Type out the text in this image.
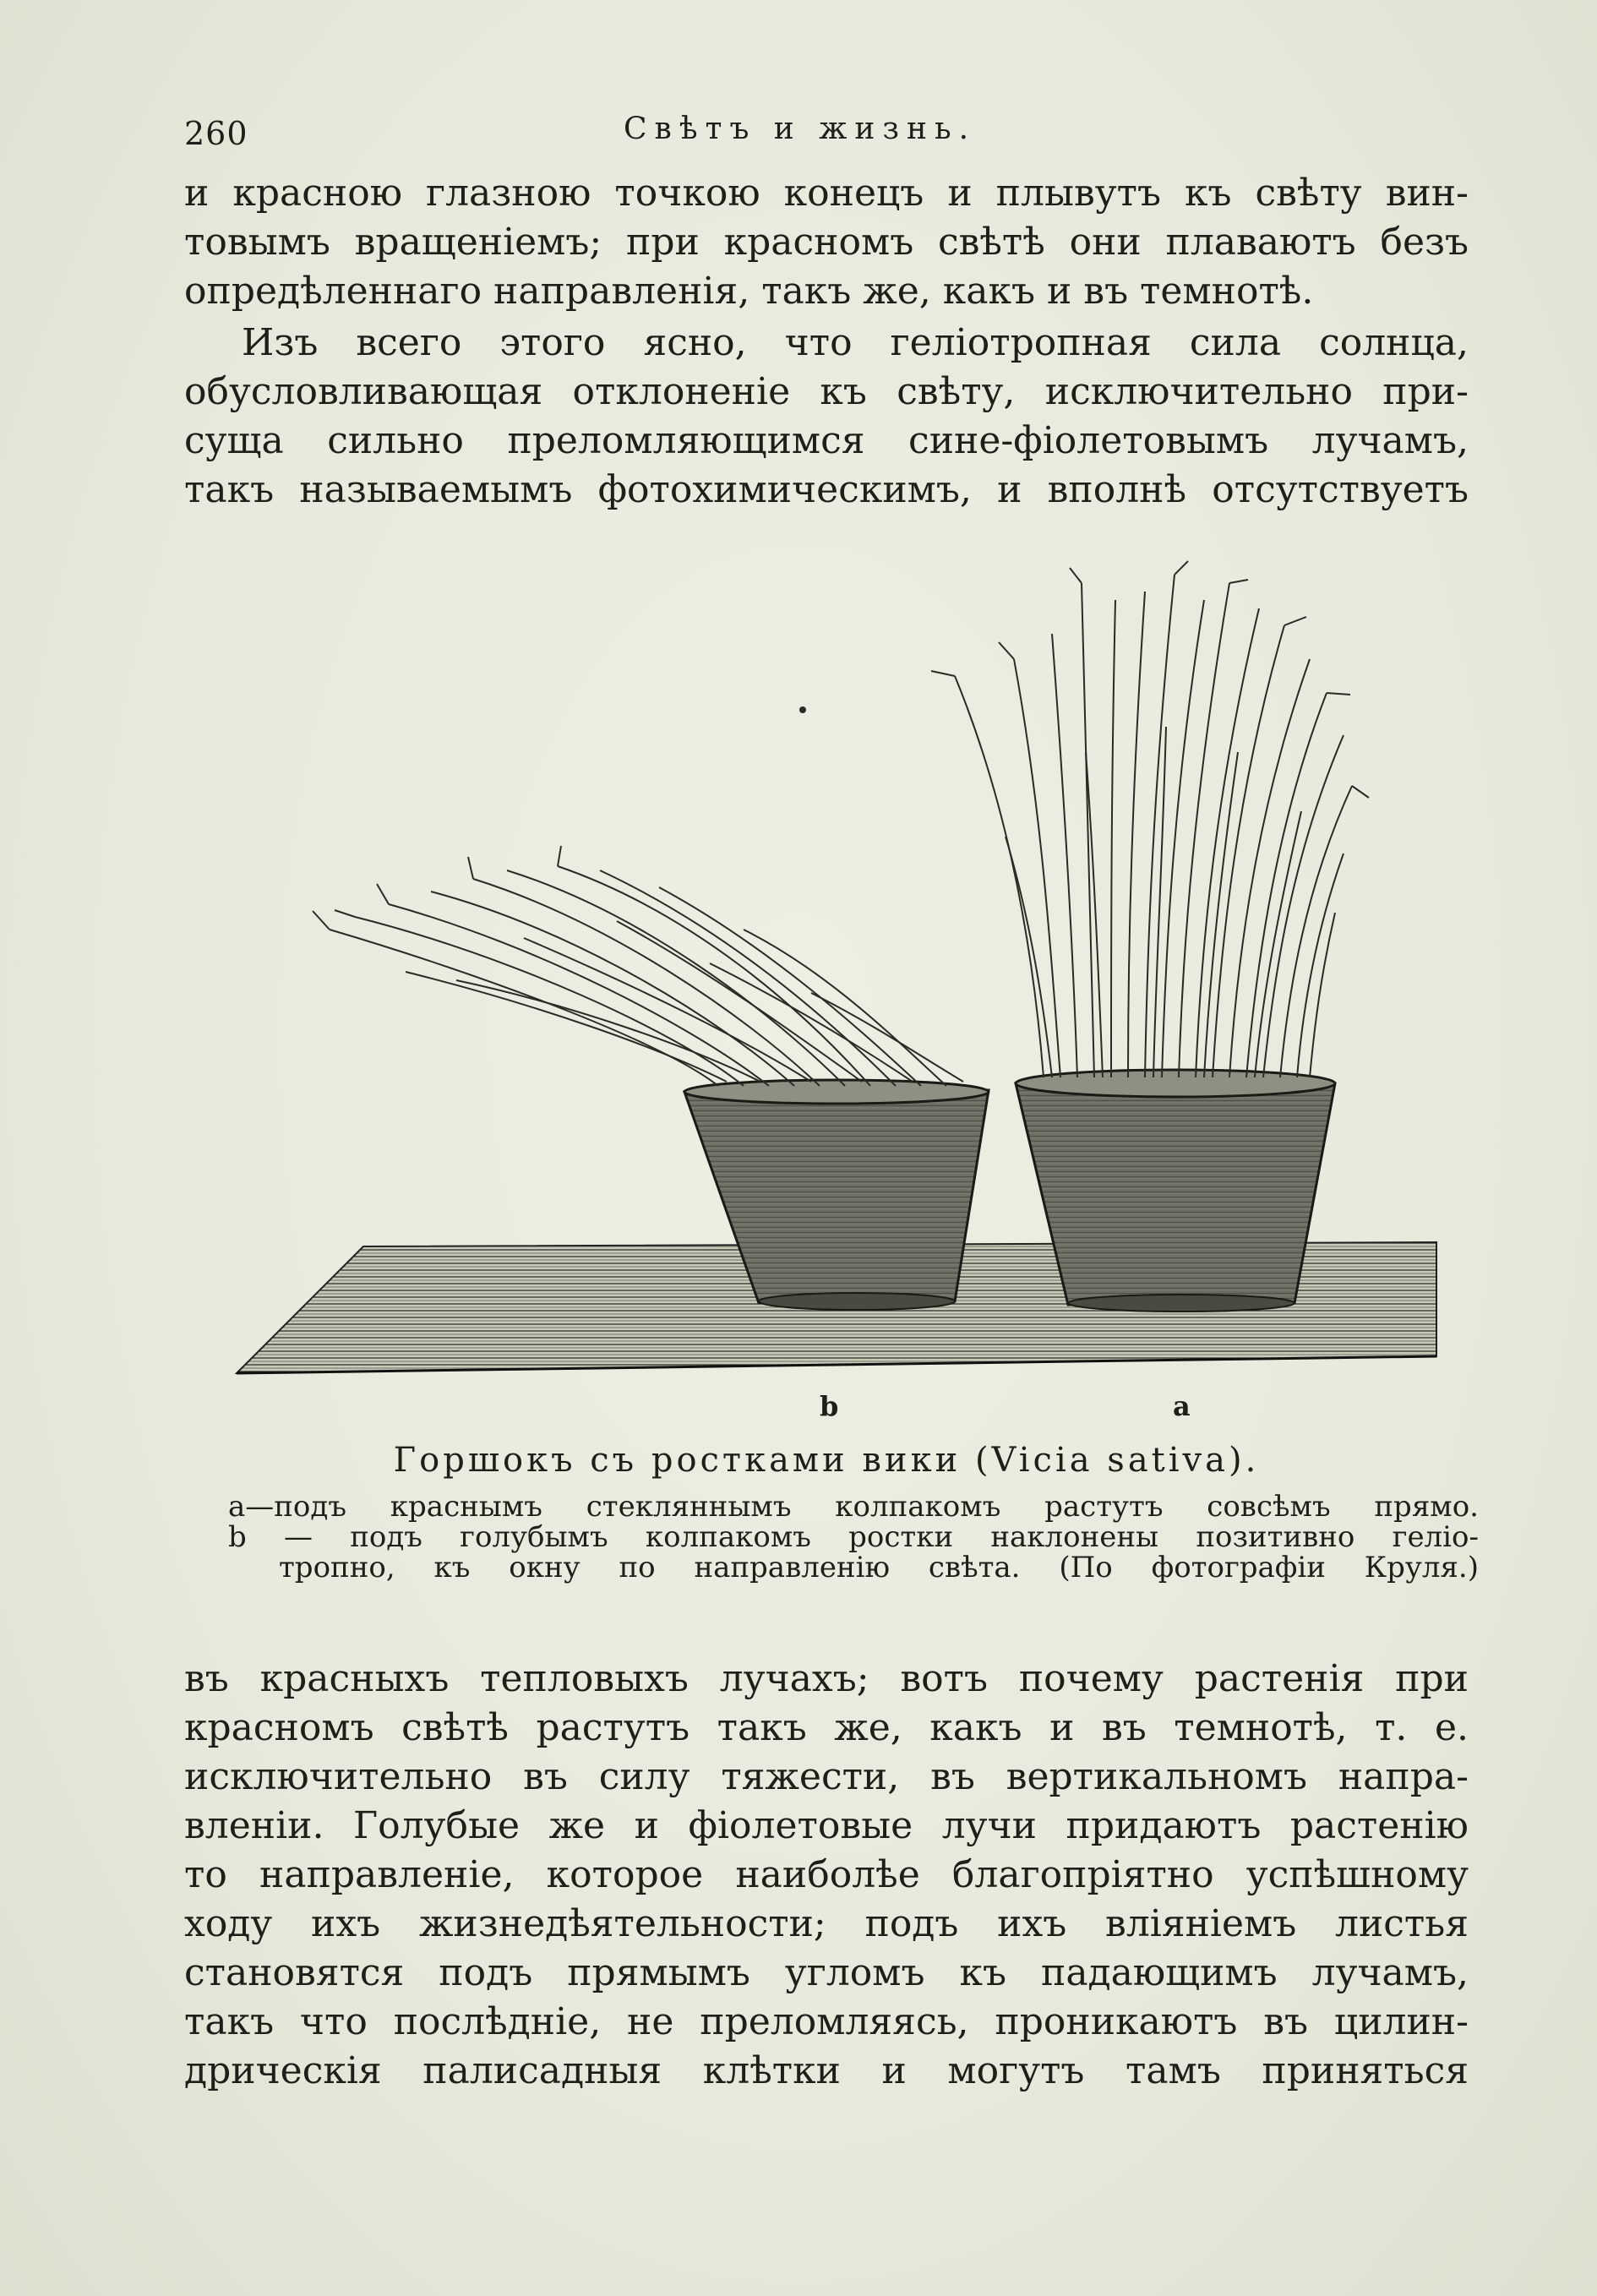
260	Свѣтъ и жизнь.

и красною глазною точкою конецъ и плывутъ къ свѣту вин-
товымъ вращеніемъ; при красномъ свѣтѣ они плаваютъ безъ
опредѣленнаго направленія, такъ же, какъ и въ темнотѣ.

Изъ всего этого ясно, что геліотропная сила солнца,
обусловливающая отклоненіе къ свѣту, исключительно при-
суща сильно преломляющимся сине-фіолетовымъ лучамъ,
такъ называемымъ фотохимическимъ, и вполнѣ отсутствуетъ

b	a
Горшокъ съ ростками вики (Vicia sativa).
a—подъ краснымъ стекляннымъ колпакомъ растутъ совсѣмъ прямо.
b — подъ голубымъ колпакомъ ростки наклонены позитивно геліо-
тропно, къ окну по направленію свѣта. (По фотографіи Круля.)

въ красныхъ тепловыхъ лучахъ; вотъ почему растенія при
красномъ свѣтѣ растутъ такъ же, какъ и въ темнотѣ, т. е.
исключительно въ силу тяжести, въ вертикальномъ напра-
вленіи. Голубые же и фіолетовые лучи придаютъ растенію
то направленіе, которое наиболѣе благопріятно успѣшному
ходу ихъ жизнедѣятельности; подъ ихъ вліяніемъ листья
становятся подъ прямымъ угломъ къ падающимъ лучамъ,
такъ что послѣдніе, не преломляясь, проникаютъ въ цилин-
дрическія палисадныя клѣтки и могутъ тамъ приняться
